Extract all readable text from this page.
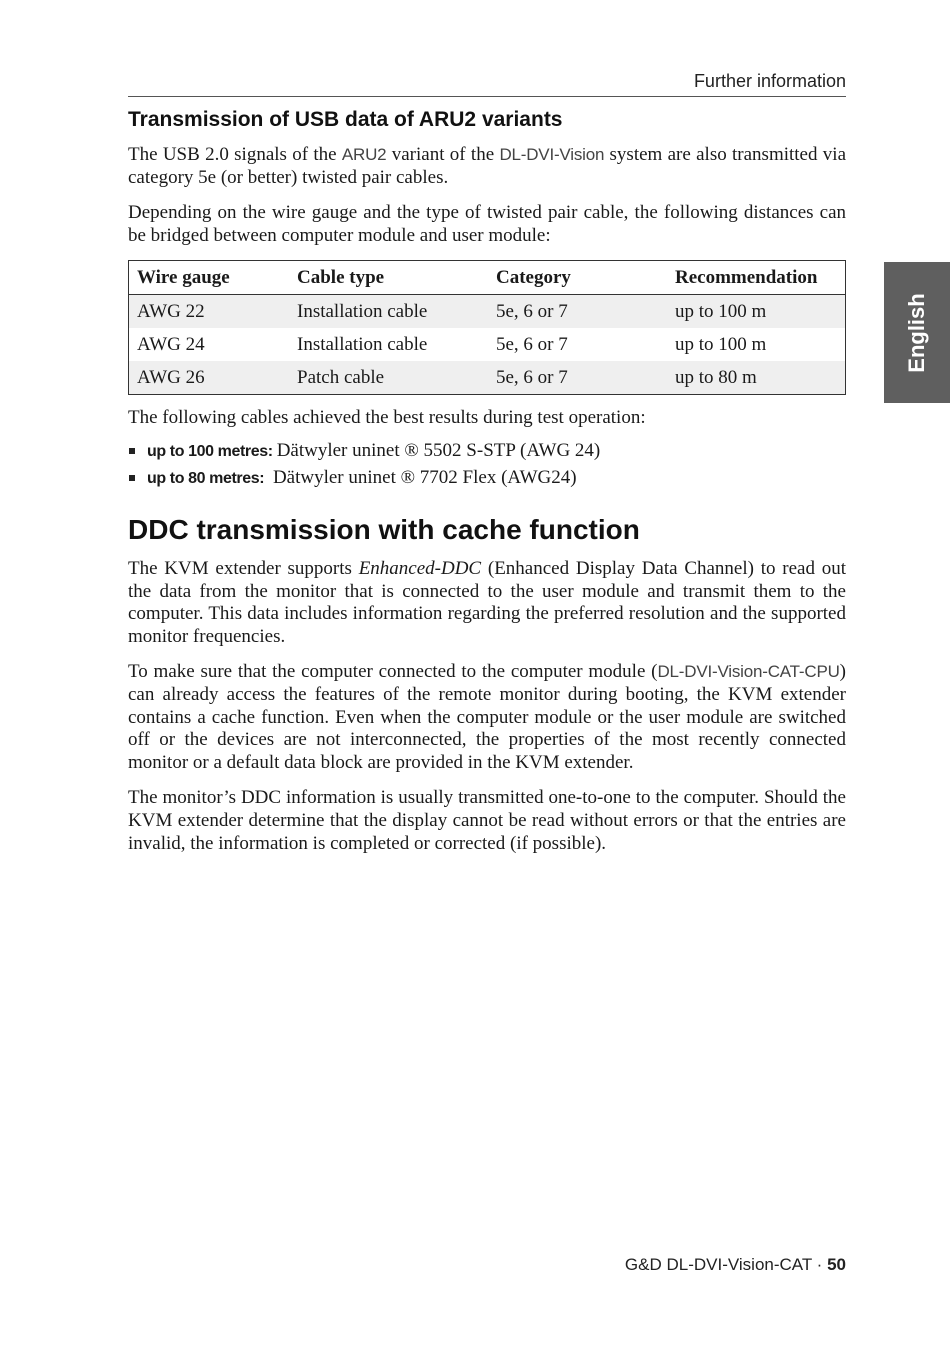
Further information
English
Transmission of USB data of ARU2 variants

The USB 2.0 signals of the ARU2 variant of the DL-DVI-Vision system are also transmitted via category 5e (or better) twisted pair cables.

Depending on the wire gauge and the type of twisted pair cable, the following distances can be bridged between computer module and user module:

Wire gauge	Cable type	Category	Recommendation
AWG 22	Installation cable	5e, 6 or 7	up to 100 m
AWG 24	Installation cable	5e, 6 or 7	up to 100 m
AWG 26	Patch cable	5e, 6 or 7	up to 80 m

The following cables achieved the best results during test operation:

up to 100 metres: Dätwyler uninet ® 5502 S-STP (AWG 24)
up to 80 metres: Dätwyler uninet ® 7702 Flex (AWG24)
DDC transmission with cache function

The KVM extender supports Enhanced-DDC (Enhanced Display Data Channel) to read out the data from the monitor that is connected to the user module and transmit them to the computer. This data includes information regarding the preferred resolution and the supported monitor frequencies.

To make sure that the computer connected to the computer module (DL-DVI-Vision-CAT-CPU) can already access the features of the remote monitor during booting, the KVM extender contains a cache function. Even when the computer module or the user module are switched off or the devices are not interconnected, the properties of the most recently connected monitor or a default data block are provided in the KVM extender.

The monitor’s DDC information is usually transmitted one-to-one to the computer. Should the KVM extender determine that the display cannot be read without errors or that the entries are invalid, the information is completed or corrected (if possible).

G&D DL-DVI-Vision-CAT · 50
